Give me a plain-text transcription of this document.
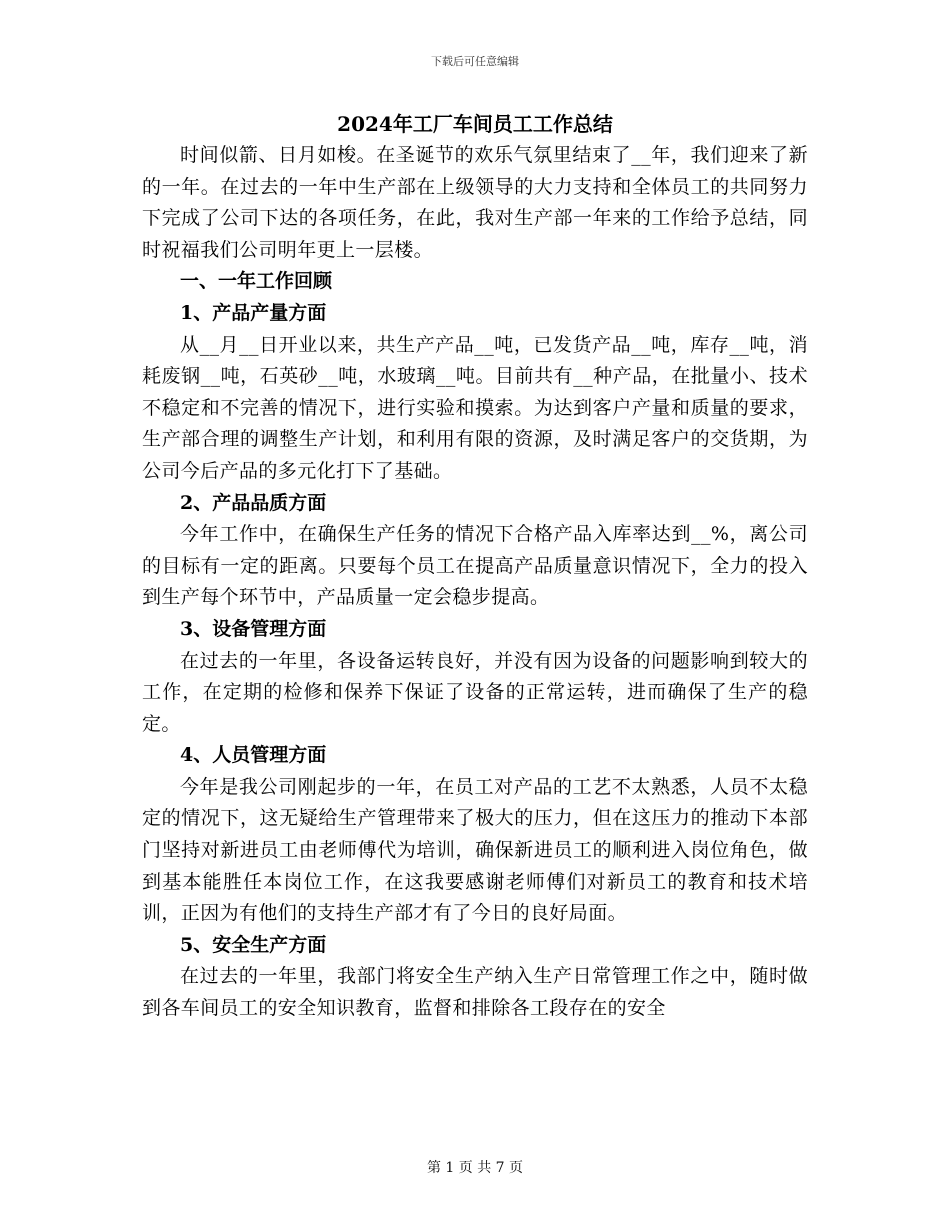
下载后可任意编辑

2024年工厂车间员工工作总结

时间似箭、日月如梭。在圣诞节的欢乐气氛里结束了__年，我们迎来了新的一年。在过去的一年中生产部在上级领导的大力支持和全体员工的共同努力下完成了公司下达的各项任务，在此，我对生产部一年来的工作给予总结，同时祝福我们公司明年更上一层楼。

一、一年工作回顾

1、产品产量方面

从__月__日开业以来，共生产产品__吨，已发货产品__吨，库存__吨，消耗废钢__吨，石英砂__吨，水玻璃__吨。目前共有__种产品，在批量小、技术不稳定和不完善的情况下，进行实验和摸索。为达到客户产量和质量的要求，生产部合理的调整生产计划，和利用有限的资源，及时满足客户的交货期，为公司今后产品的多元化打下了基础。

2、产品品质方面

今年工作中，在确保生产任务的情况下合格产品入库率达到__%，离公司的目标有一定的距离。只要每个员工在提高产品质量意识情况下，全力的投入到生产每个环节中，产品质量一定会稳步提高。

3、设备管理方面

在过去的一年里，各设备运转良好，并没有因为设备的问题影响到较大的工作，在定期的检修和保养下保证了设备的正常运转，进而确保了生产的稳定。

4、人员管理方面

今年是我公司刚起步的一年，在员工对产品的工艺不太熟悉，人员不太稳定的情况下，这无疑给生产管理带来了极大的压力，但在这压力的推动下本部门坚持对新进员工由老师傅代为培训，确保新进员工的顺利进入岗位角色，做到基本能胜任本岗位工作，在这我要感谢老师傅们对新员工的教育和技术培训，正因为有他们的支持生产部才有了今日的良好局面。

5、安全生产方面

在过去的一年里，我部门将安全生产纳入生产日常管理工作之中，随时做到各车间员工的安全知识教育，监督和排除各工段存在的安全

第 1 页 共 7 页
